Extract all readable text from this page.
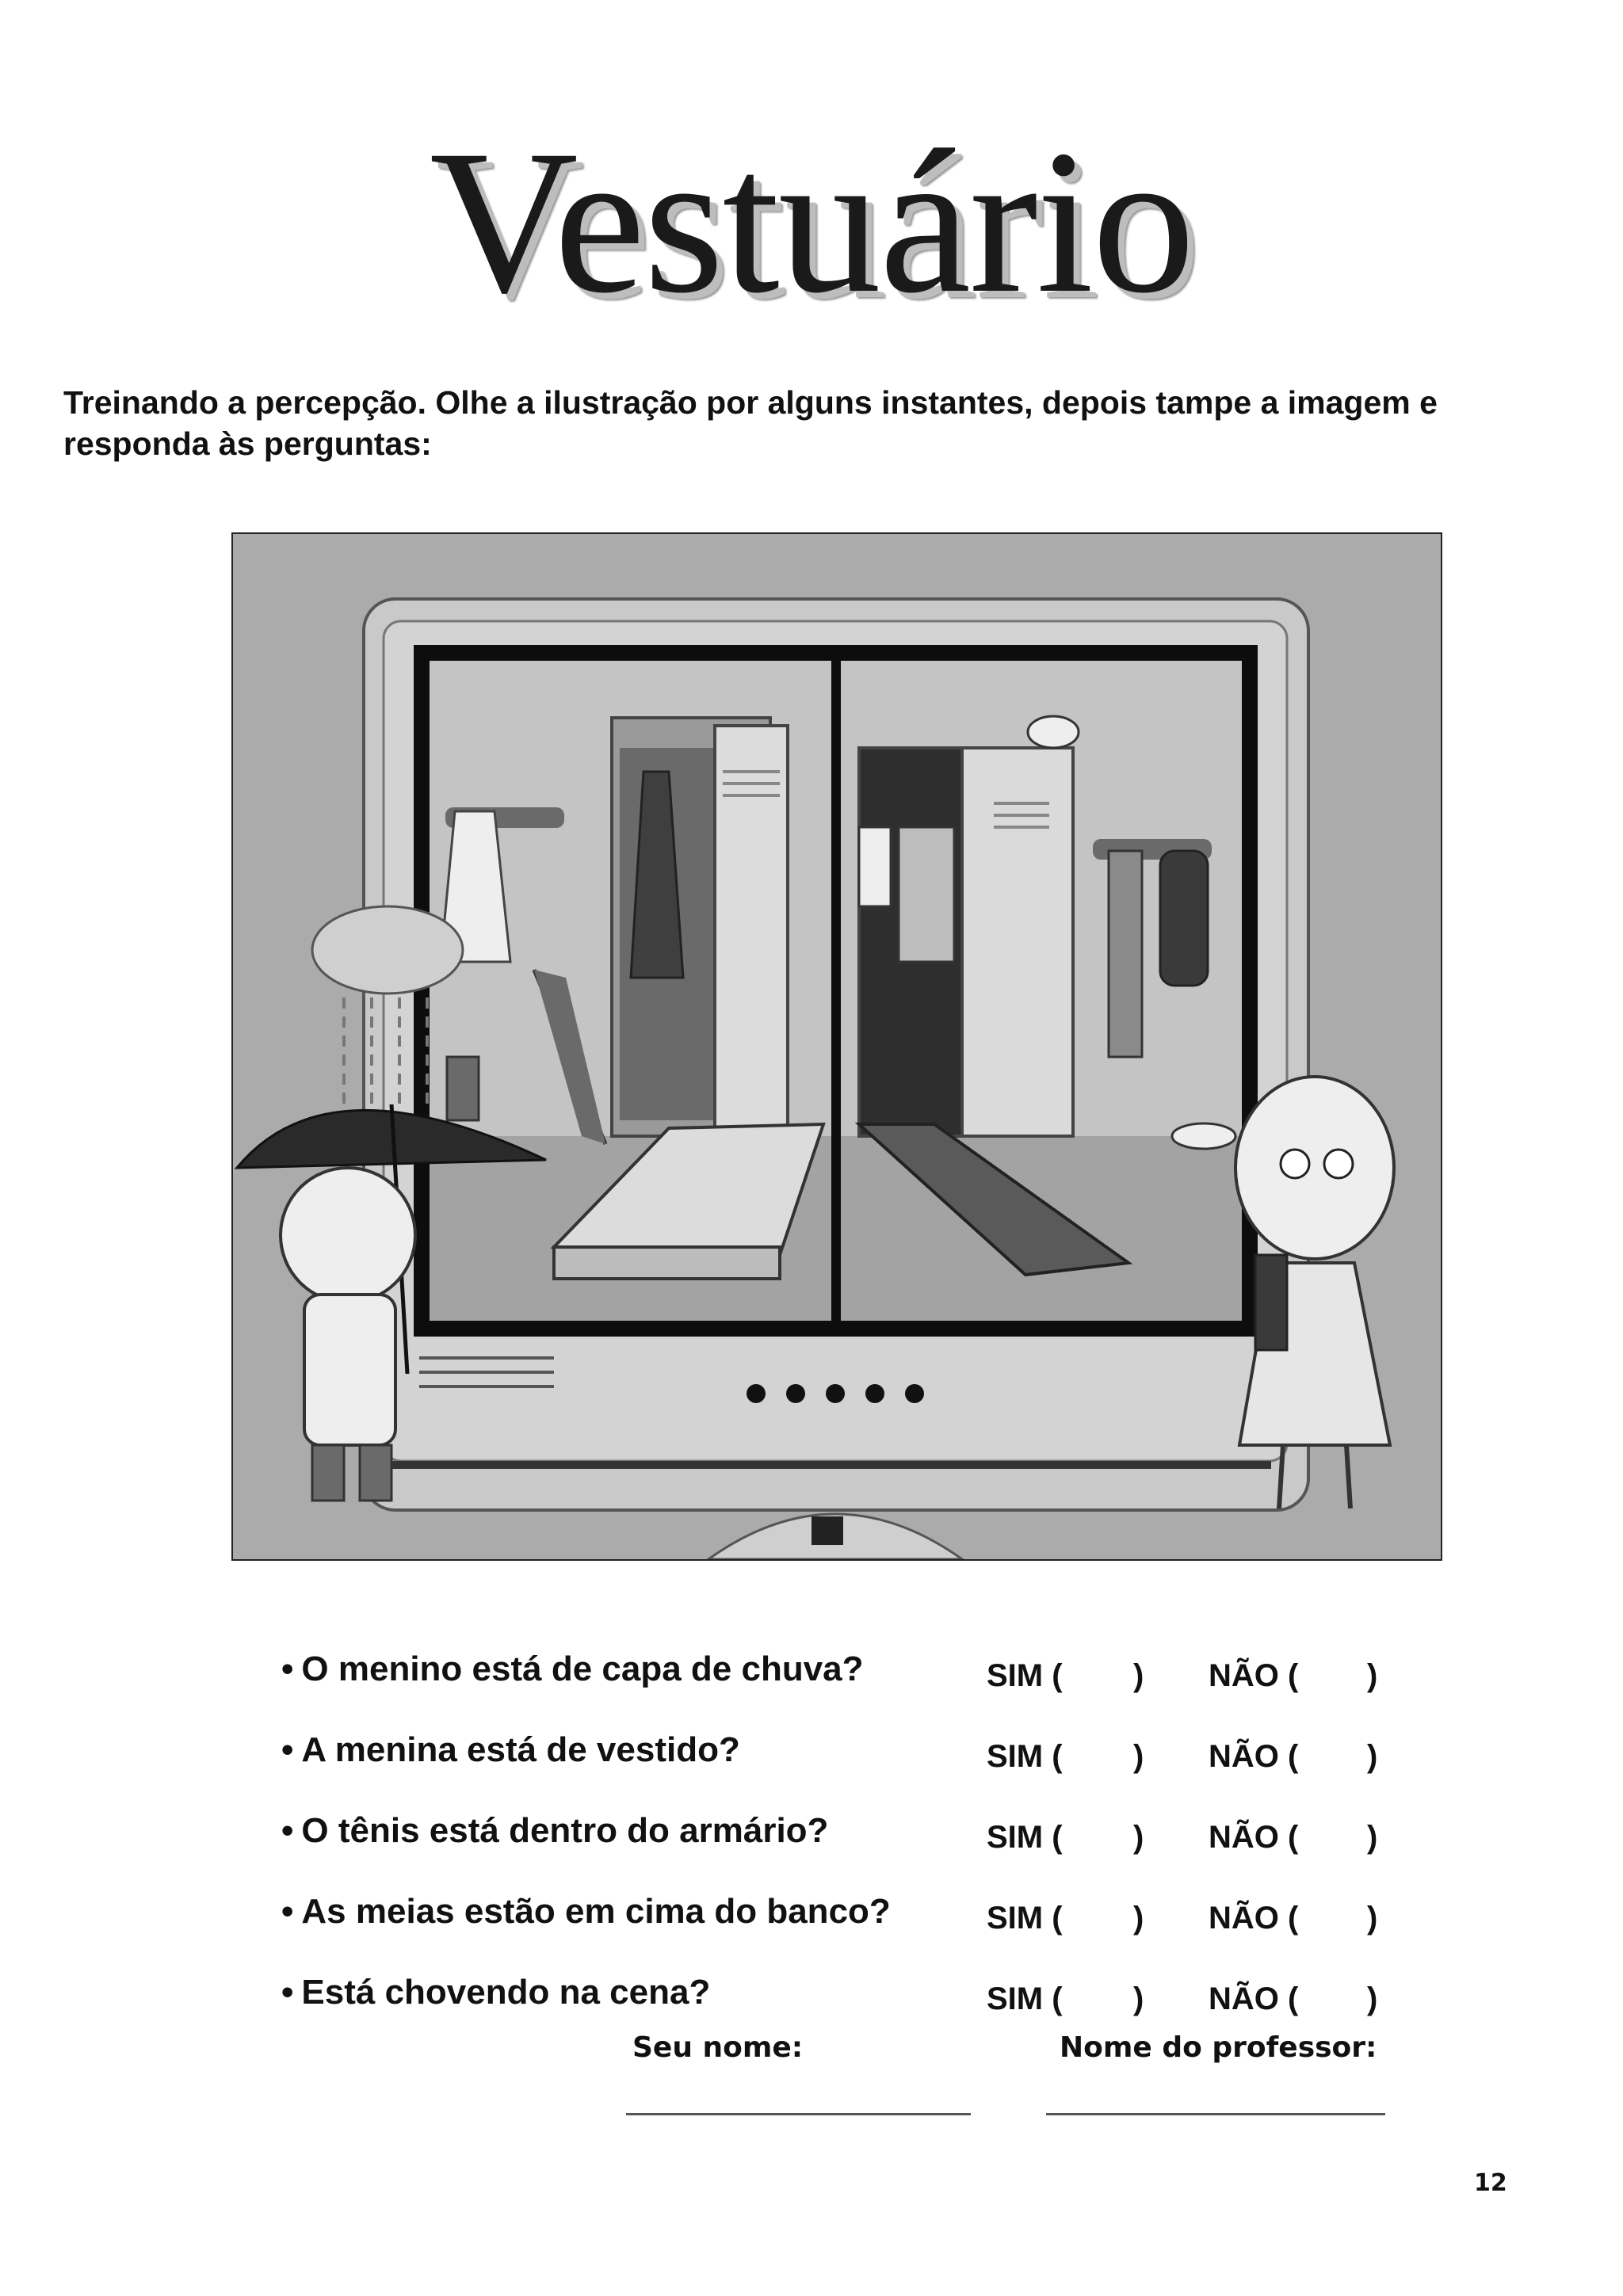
Vestuário
Treinando a percepção. Olhe a ilustração por alguns instantes, depois tampe a imagem e responda às perguntas:
• O menino está de capa de chuva?	SIM ( ) NÃO ( )
• A menina está de vestido?	SIM ( ) NÃO ( )
• O tênis está dentro do armário?	SIM ( ) NÃO ( )
• As meias estão em cima do banco?	SIM ( ) NÃO ( )
• Está chovendo na cena?	SIM ( ) NÃO ( )
Seu nome:	Nome do professor:
12
